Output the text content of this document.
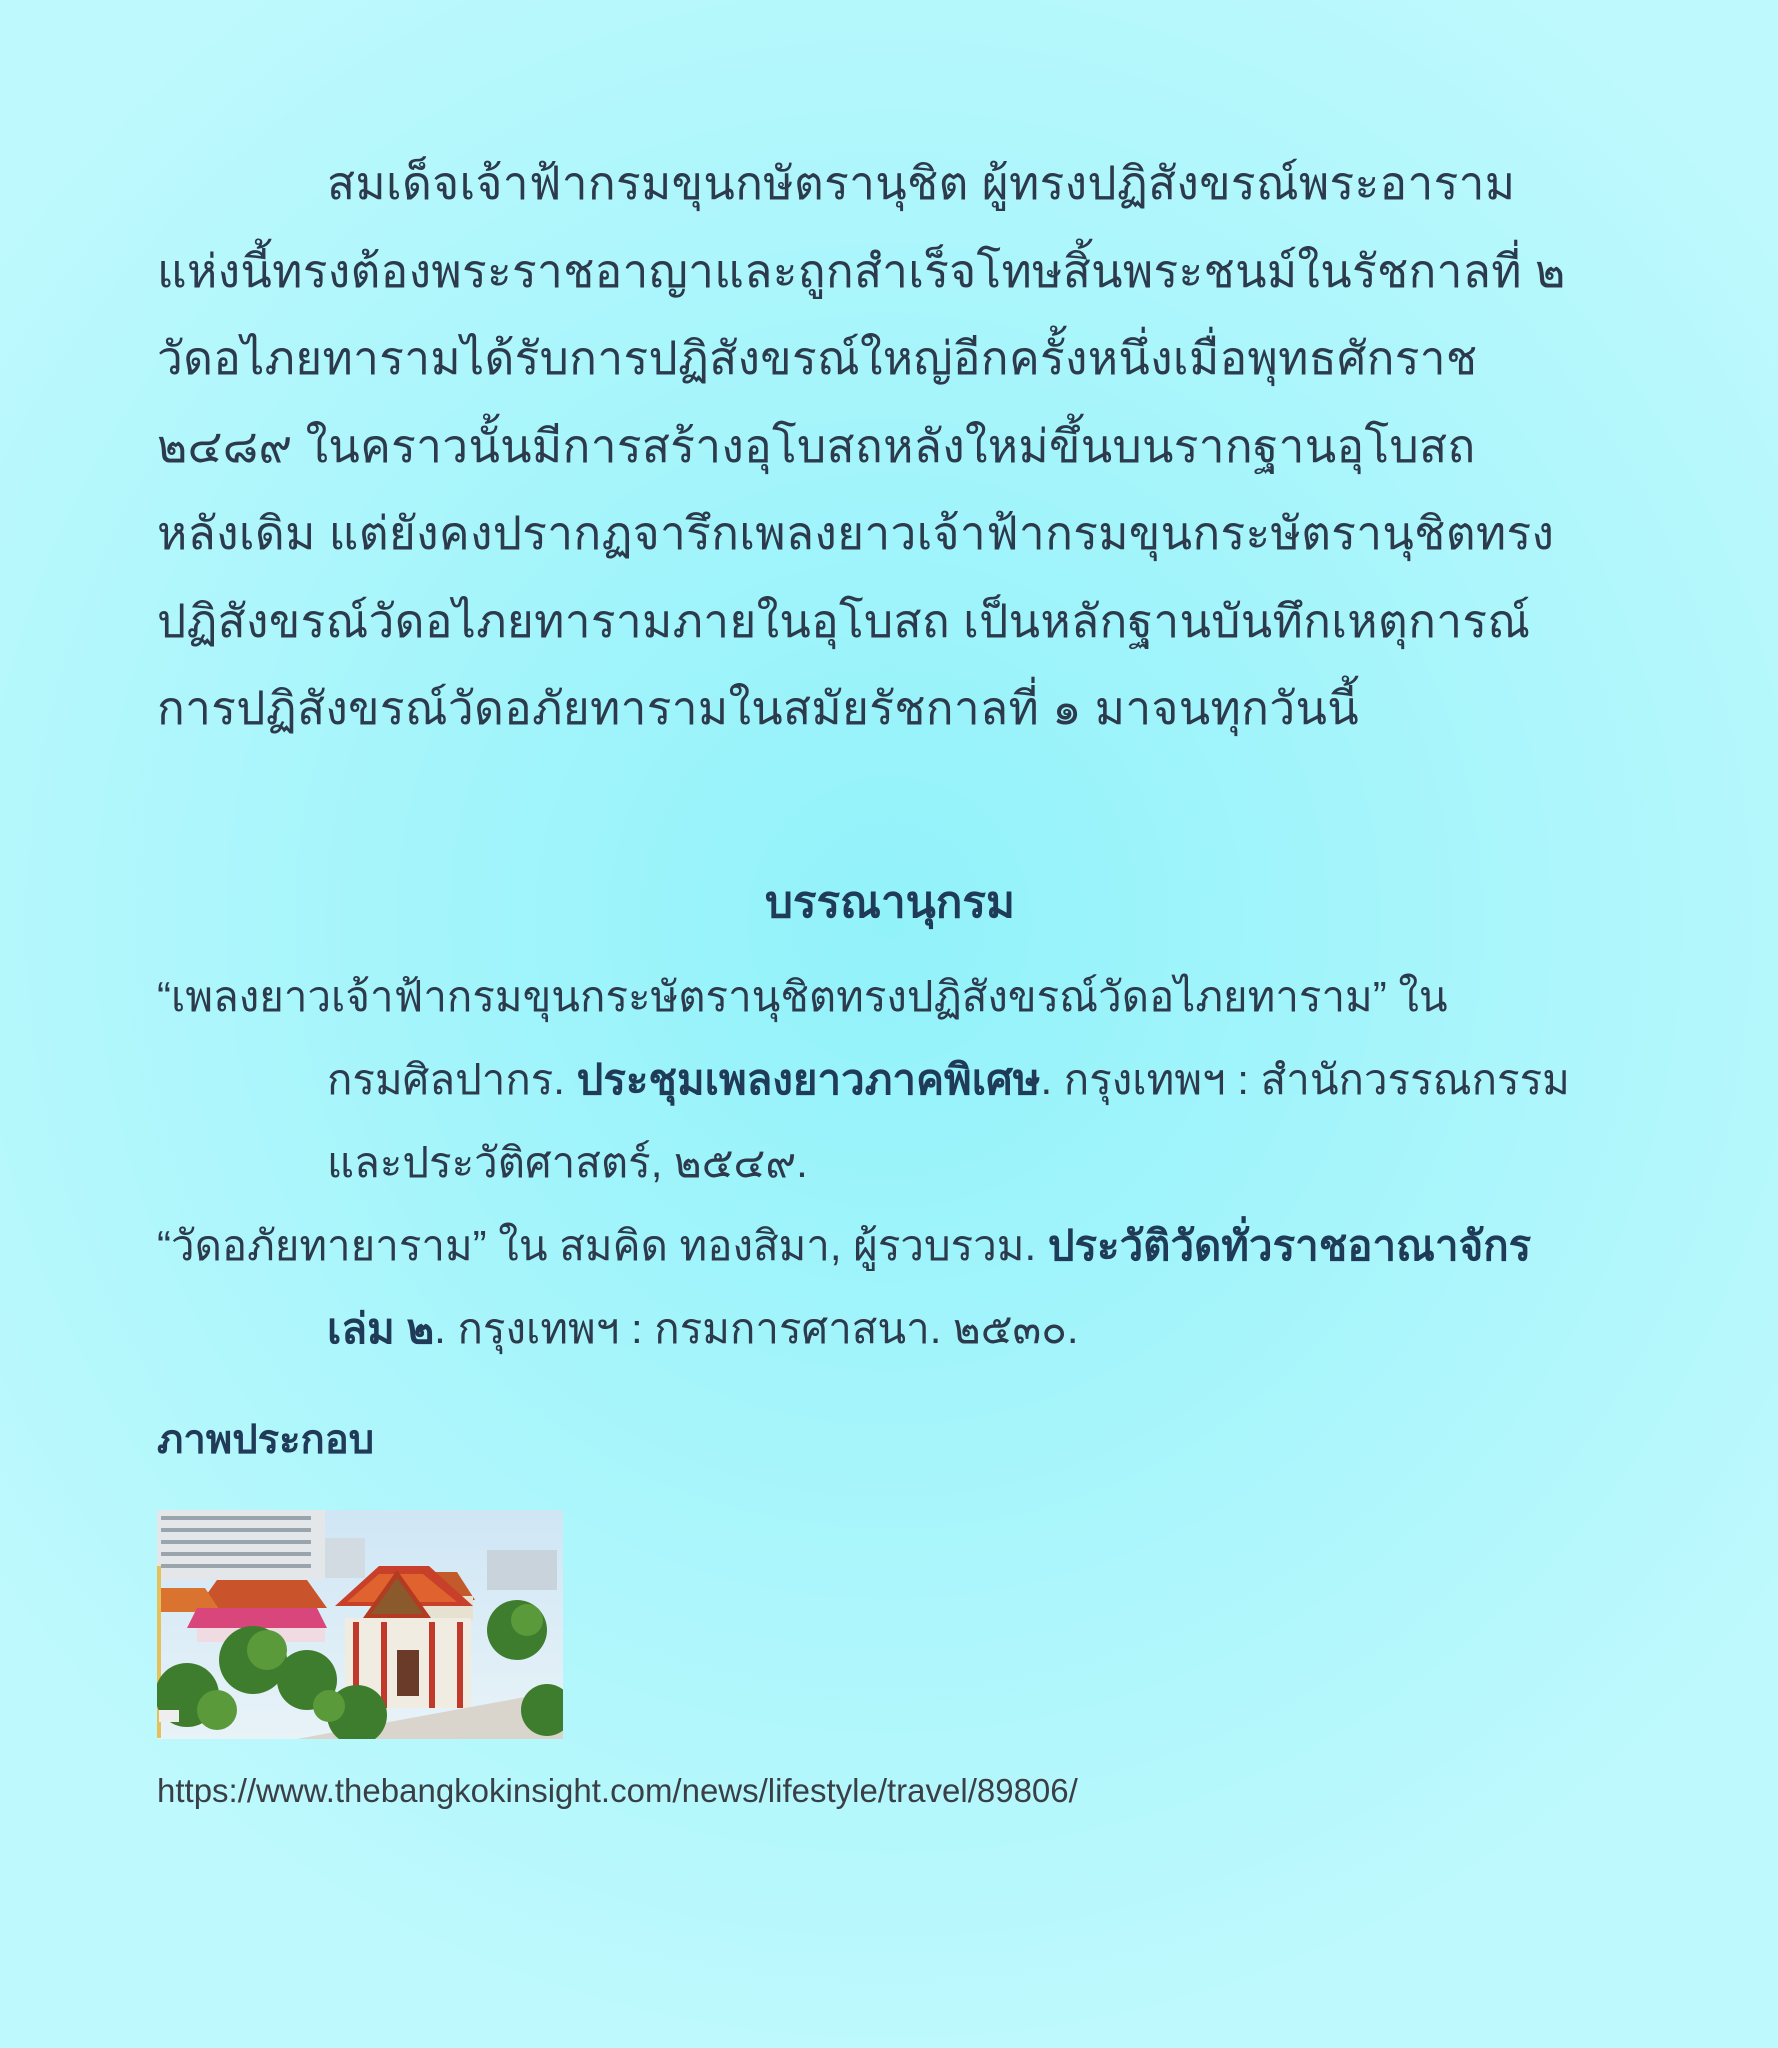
สมเด็จเจ้าฟ้ากรมขุนกษัตรานุชิต ผู้ทรงปฏิสังขรณ์พระอาราม
แห่งนี้ทรงต้องพระราชอาญาและถูกสำเร็จโทษสิ้นพระชนม์ในรัชกาลที่ ๒
วัดอไภยทารามได้รับการปฏิสังขรณ์ใหญ่อีกครั้งหนึ่งเมื่อพุทธศักราช
๒๔๘๙ ในคราวนั้นมีการสร้างอุโบสถหลังใหม่ขึ้นบนรากฐานอุโบสถ
หลังเดิม แต่ยังคงปรากฏจารึกเพลงยาวเจ้าฟ้ากรมขุนกระษัตรานุชิตทรง
ปฏิสังขรณ์วัดอไภยทารามภายในอุโบสถ เป็นหลักฐานบันทึกเหตุการณ์
การปฏิสังขรณ์วัดอภัยทารามในสมัยรัชกาลที่ ๑ มาจนทุกวันนี้
บรรณานุกรม
“เพลงยาวเจ้าฟ้ากรมขุนกระษัตรานุชิตทรงปฏิสังขรณ์วัดอไภยทาราม” ใน
กรมศิลปากร. ประชุมเพลงยาวภาคพิเศษ. กรุงเทพฯ : สำนักวรรณกรรม
และประวัติศาสตร์, ๒๕๔๙.
“วัดอภัยทายาราม” ใน สมคิด ทองสิมา, ผู้รวบรวม. ประวัติวัดทั่วราชอาณาจักร
เล่ม ๒. กรุงเทพฯ : กรมการศาสนา. ๒๕๓๐.
ภาพประกอบ
https://www.thebangkokinsight.com/news/lifestyle/travel/89806/
